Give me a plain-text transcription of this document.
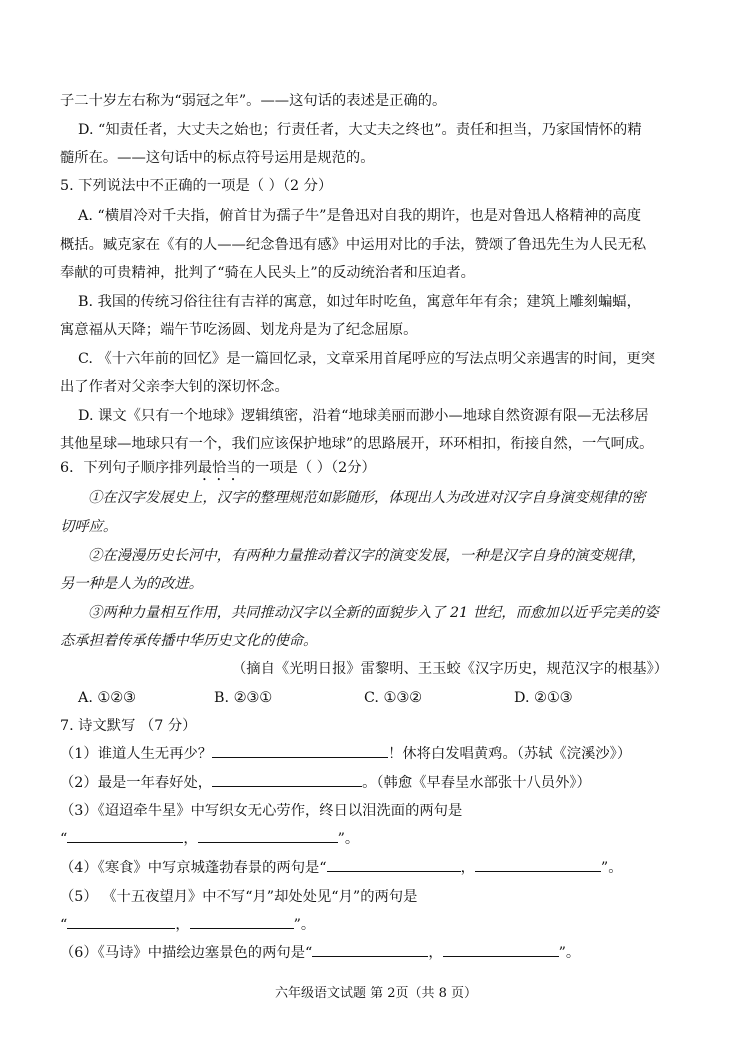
子二十岁左右称为“弱冠之年”。——这句话的表述是正确的。
D. “知责任者，大丈夫之始也；行责任者，大丈夫之终也”。责任和担当，乃家国情怀的精
髓所在。——这句话中的标点符号运用是规范的。
5. 下列说法中不正确的一项是（ ）（2 分）
A. “横眉冷对千夫指，俯首甘为孺子牛”是鲁迅对自我的期许，也是对鲁迅人格精神的高度
概括。臧克家在《有的人——纪念鲁迅有感》中运用对比的手法，赞颂了鲁迅先生为人民无私
奉献的可贵精神，批判了“骑在人民头上”的反动统治者和压迫者。
B. 我国的传统习俗往往有吉祥的寓意，如过年时吃鱼，寓意年年有余；建筑上雕刻蝙蝠，
寓意福从天降；端午节吃汤圆、划龙舟是为了纪念屈原。
C. 《十六年前的回忆》是一篇回忆录，文章采用首尾呼应的写法点明父亲遇害的时间，更突
出了作者对父亲李大钊的深切怀念。
D. 课文《只有一个地球》逻辑缜密，沿着“地球美丽而渺小—地球自然资源有限—无法移居
其他星球—地球只有一个，我们应该保护地球”的思路展开，环环相扣，衔接自然，一气呵成。
6．下列句子顺序排列最恰当的一项是（ ）（2分）
①在汉字发展史上，汉字的整理规范如影随形，体现出人为改进对汉字自身演变规律的密
切呼应。
②在漫漫历史长河中，有两种力量推动着汉字的演变发展，一种是汉字自身的演变规律，
另一种是人为的改进。
③两种力量相互作用，共同推动汉字以全新的面貌步入了 21 世纪，而愈加以近乎完美的姿
态承担着传承传播中华历史文化的使命。
（摘自《光明日报》雷黎明、王玉蛟《汉字历史，规范汉字的根基》）
A. ①②③	B. ②③①	C. ①③②	D. ②①③
7. 诗文默写 （7 分）
（1）谁道人生无再少？	！休将白发唱黄鸡。（苏轼《浣溪沙》）
（2）最是一年春好处，	。（韩愈《早春呈水部张十八员外》）
（3）《迢迢牵牛星》中写织女无心劳作，终日以泪洗面的两句是
“	，	”。
（4）《寒食》中写京城蓬勃春景的两句是“	，	”。
（5） 《十五夜望月》中不写“月”却处处见“月”的两句是
“	，	”。
（6）《马诗》中描绘边塞景色的两句是“	，	”。
六年级语文试题 第 2页（共 8 页）
